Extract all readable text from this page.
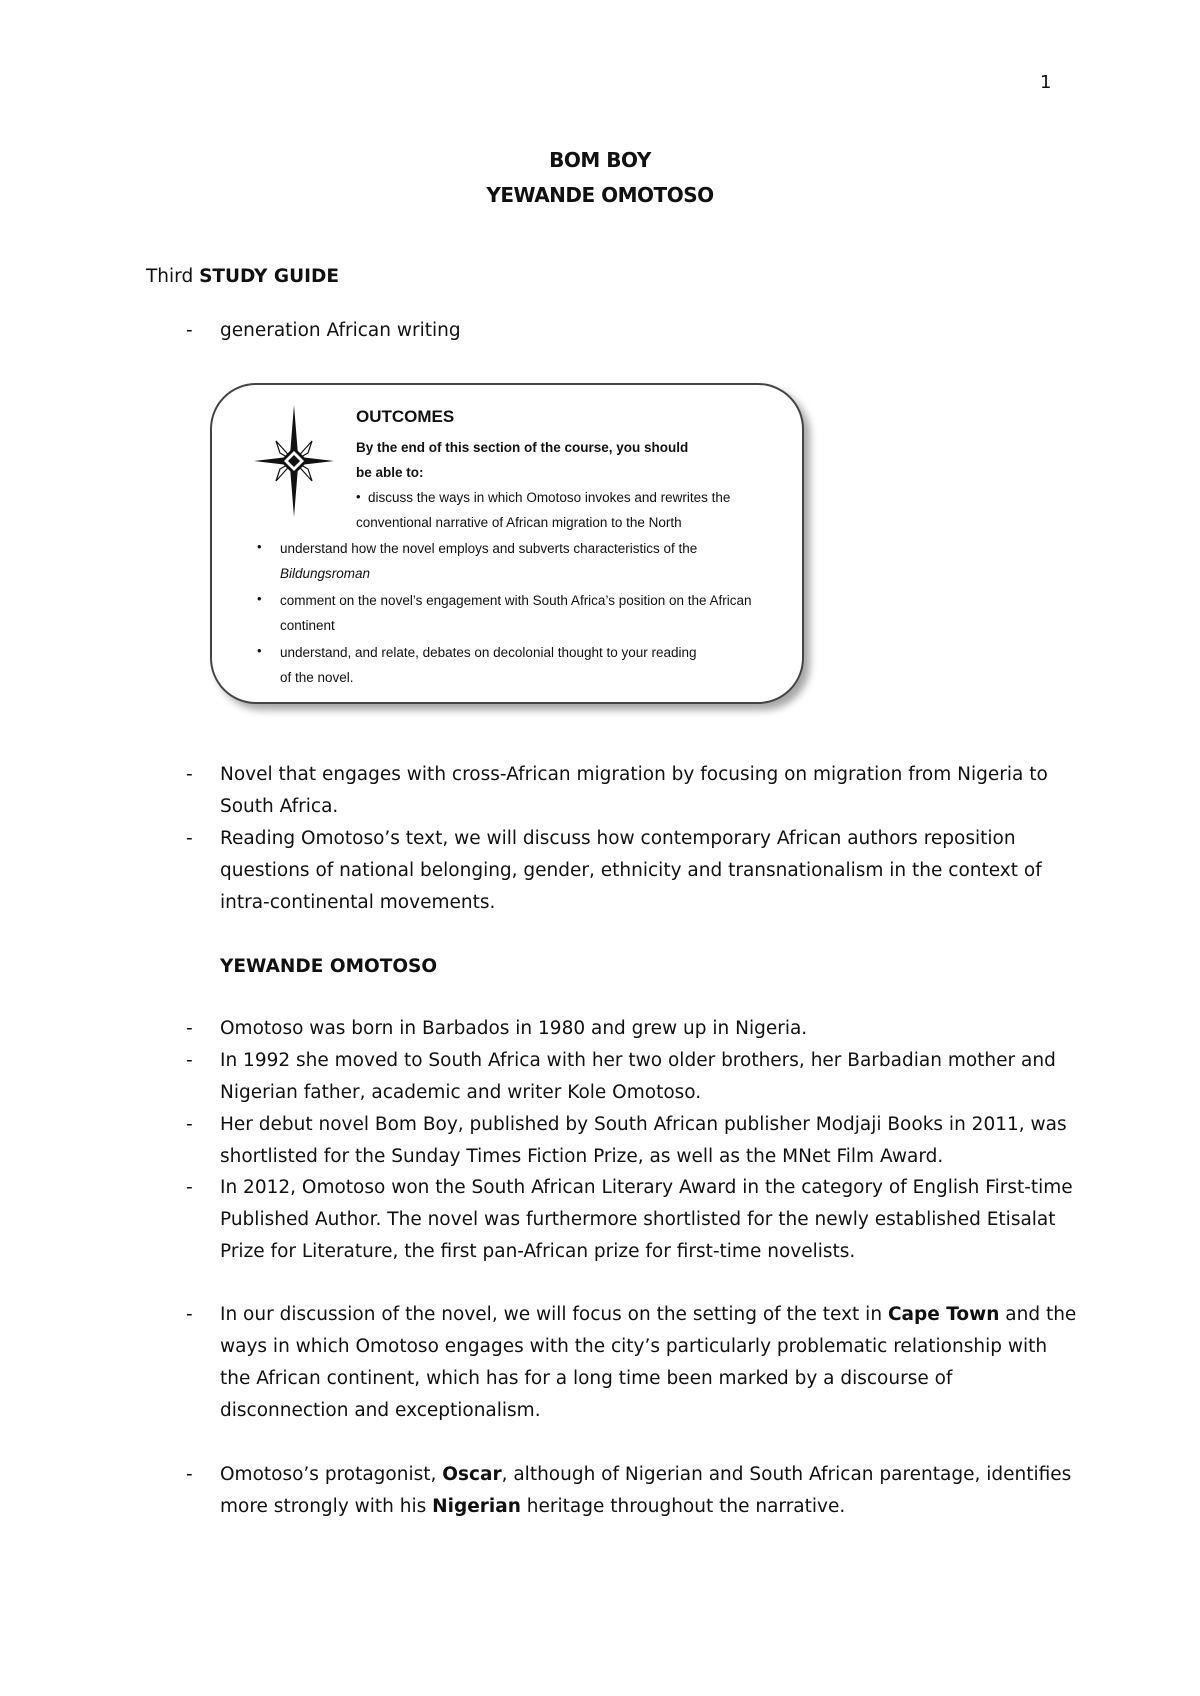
1
BOM BOY
YEWANDE OMOTOSO
Third STUDY GUIDE
- generation African writing
OUTCOMES
By the end of this section of the course, you should
be able to:
• discuss the ways in which Omotoso invokes and rewrites the
conventional narrative of African migration to the North
• understand how the novel employs and subverts characteristics of the
Bildungsroman
• comment on the novel’s engagement with South Africa’s position on the African
continent
• understand, and relate, debates on decolonial thought to your reading
of the novel.
- Novel that engages with cross-African migration by focusing on migration from Nigeria to
South Africa.
- Reading Omotoso’s text, we will discuss how contemporary African authors reposition
questions of national belonging, gender, ethnicity and transnationalism in the context of
intra-continental movements.
YEWANDE OMOTOSO
- Omotoso was born in Barbados in 1980 and grew up in Nigeria.
- In 1992 she moved to South Africa with her two older brothers, her Barbadian mother and
Nigerian father, academic and writer Kole Omotoso.
- Her debut novel Bom Boy, published by South African publisher Modjaji Books in 2011, was
shortlisted for the Sunday Times Fiction Prize, as well as the MNet Film Award.
- In 2012, Omotoso won the South African Literary Award in the category of English First-time
Published Author. The novel was furthermore shortlisted for the newly established Etisalat
Prize for Literature, the first pan-African prize for first-time novelists.
- In our discussion of the novel, we will focus on the setting of the text in Cape Town and the
ways in which Omotoso engages with the city’s particularly problematic relationship with
the African continent, which has for a long time been marked by a discourse of
disconnection and exceptionalism.
- Omotoso’s protagonist, Oscar, although of Nigerian and South African parentage, identifies
more strongly with his Nigerian heritage throughout the narrative.
